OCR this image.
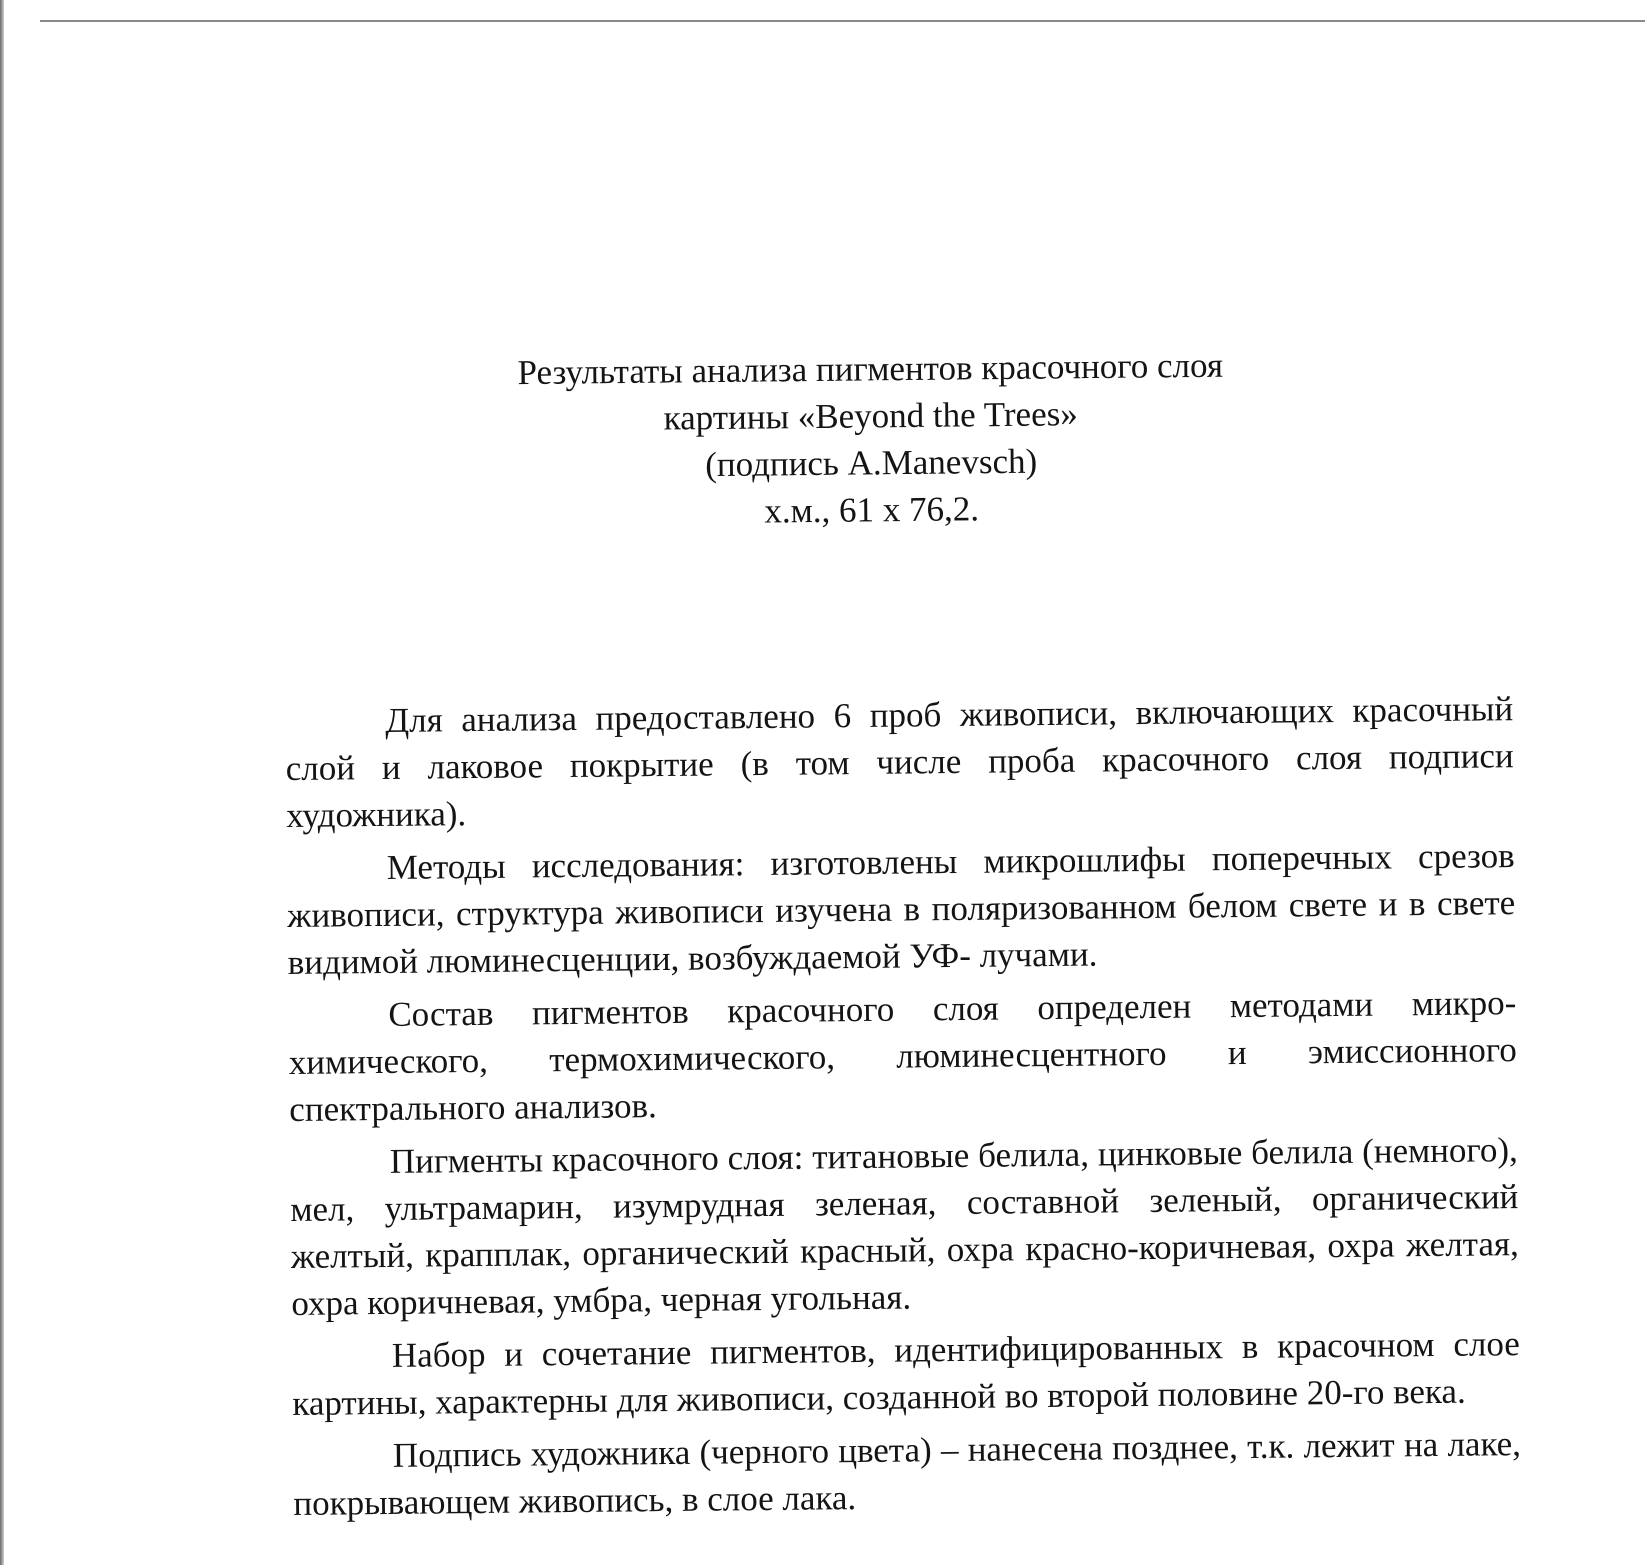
Результаты анализа пигментов красочного слоя
картины «Beyond the Trees»
(подпись A.Manevsch)
х.м., 61 х 76,2.

Для анализа предоставлено 6 проб живописи, включающих красочный слой и лаковое покрытие (в том числе проба красочного слоя подписи художника).

Методы исследования: изготовлены микрошлифы поперечных срезов живописи, структура живописи изучена в поляризованном белом свете и в свете видимой люминесценции, возбуждаемой УФ- лучами.

Состав пигментов красочного слоя определен методами микро-химического, термохимического, люминесцентного и эмиссионного спектрального анализов.

Пигменты красочного слоя: титановые белила, цинковые белила (немного), мел, ультрамарин, изумрудная зеленая, составной зеленый, органический желтый, крапплак, органический красный, охра красно-коричневая, охра желтая, охра коричневая, умбра, черная угольная.

Набор и сочетание пигментов, идентифицированных в красочном слое картины, характерны для живописи, созданной во второй половине 20-го века.

Подпись художника (черного цвета) – нанесена позднее, т.к. лежит на лаке, покрывающем живопись, в слое лака.
